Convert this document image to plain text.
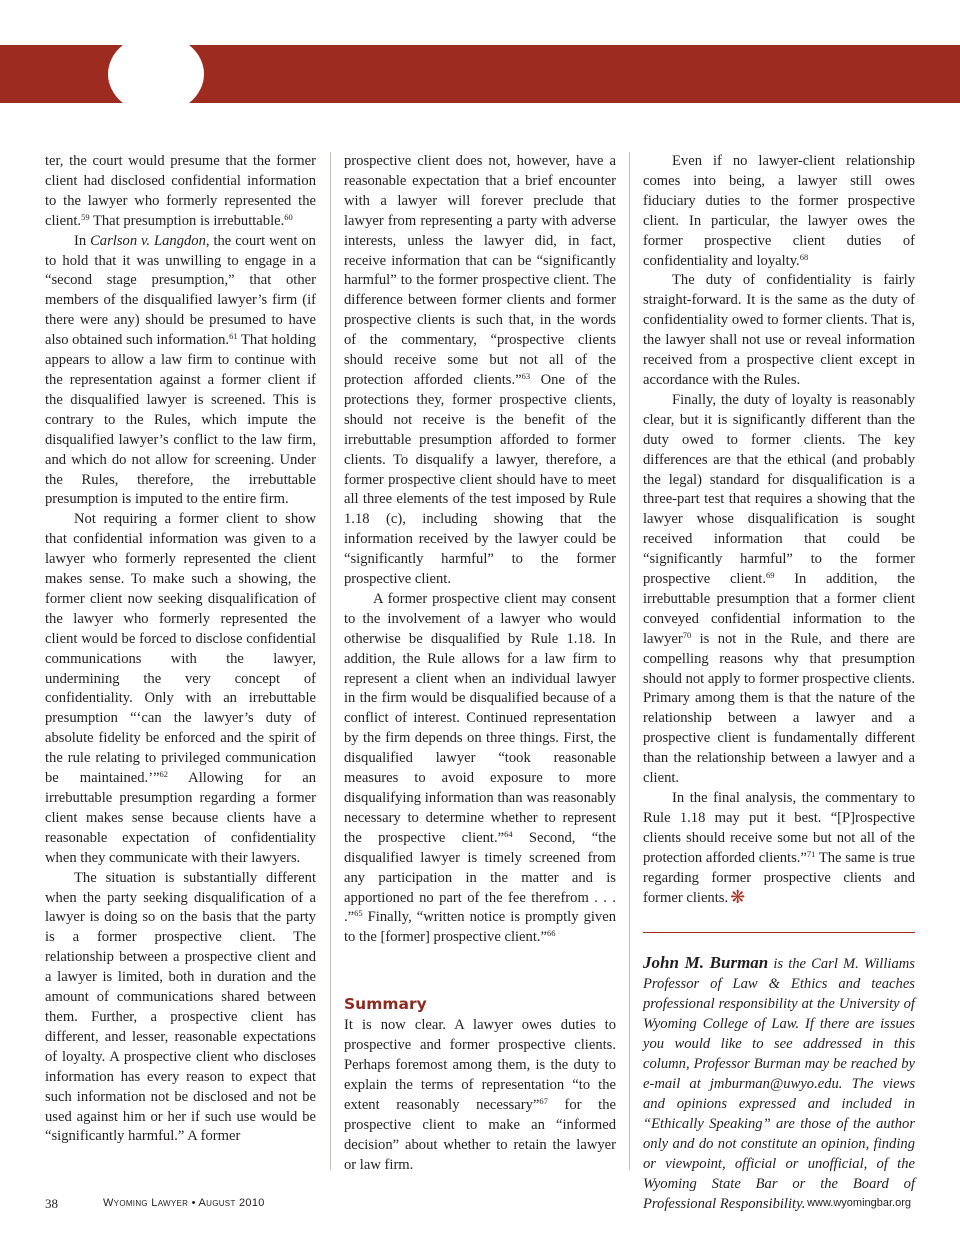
ter, the court would presume that the former client had disclosed confidential information to the lawyer who formerly represented the client.$^{59}$ That presumption is irrebuttable.$^{60}$

In Carlson v. Langdon, the court went on to hold that it was unwilling to engage in a “second stage presumption,” that other members of the disqualified lawyer’s firm (if there were any) should be presumed to have also obtained such information.$^{61}$ That holding appears to allow a law firm to continue with the representation against a former client if the disqualified lawyer is screened. This is contrary to the Rules, which impute the disqualified lawyer’s conflict to the law firm, and which do not allow for screening. Under the Rules, therefore, the irrebuttable presumption is imputed to the entire firm.

Not requiring a former client to show that confidential information was given to a lawyer who formerly represented the client makes sense. To make such a showing, the former client now seeking disqualification of the lawyer who formerly represented the client would be forced to disclose confidential communications with the lawyer, undermining the very concept of confidentiality. Only with an irrebuttable presumption “‘can the lawyer’s duty of absolute fidelity be enforced and the spirit of the rule relating to privileged communication be maintained.’”$^{62}$ Allowing for an irrebuttable presumption regarding a former client makes sense because clients have a reasonable expectation of confidentiality when they communicate with their lawyers.

The situation is substantially different when the party seeking disqualification of a lawyer is doing so on the basis that the party is a former prospective client. The relationship between a prospective client and a lawyer is limited, both in duration and the amount of communications shared between them. Further, a prospective client has different, and lesser, reasonable expectations of loyalty. A prospective client who discloses information has every reason to expect that such information not be disclosed and not be used against him or her if such use would be “significantly harmful.” A former

prospective client does not, however, have a reasonable expectation that a brief encounter with a lawyer will forever preclude that lawyer from representing a party with adverse interests, unless the lawyer did, in fact, receive information that can be “significantly harmful” to the former prospective client. The difference between former clients and former prospective clients is such that, in the words of the commentary, “prospective clients should receive some but not all of the protection afforded clients.”$^{63}$ One of the protections they, former prospective clients, should not receive is the benefit of the irrebuttable presumption afforded to former clients. To disqualify a lawyer, therefore, a former prospective client should have to meet all three elements of the test imposed by Rule 1.18 (c), including showing that the information received by the lawyer could be “significantly harmful” to the former prospective client.

A former prospective client may consent to the involvement of a lawyer who would otherwise be disqualified by Rule 1.18. In addition, the Rule allows for a law firm to represent a client when an individual lawyer in the firm would be disqualified because of a conflict of interest. Continued representation by the firm depends on three things. First, the disqualified lawyer “took reasonable measures to avoid exposure to more disqualifying information than was reasonably necessary to determine whether to represent the prospective client.”$^{64}$ Second, “the disqualified lawyer is timely screened from any participation in the matter and is apportioned no part of the fee therefrom . . . .”$^{65}$ Finally, “written notice is promptly given to the [former] prospective client.”$^{66}$

Summary

It is now clear. A lawyer owes duties to prospective and former prospective clients. Perhaps foremost among them, is the duty to explain the terms of representation “to the extent reasonably necessary”$^{67}$ for the prospective client to make an “informed decision” about whether to retain the lawyer or law firm.

Even if no lawyer-client relationship comes into being, a lawyer still owes fiduciary duties to the former prospective client. In particular, the lawyer owes the former prospective client duties of confidentiality and loyalty.$^{68}$

The duty of confidentiality is fairly straight-forward. It is the same as the duty of confidentiality owed to former clients. That is, the lawyer shall not use or reveal information received from a prospective client except in accordance with the Rules.

Finally, the duty of loyalty is reasonably clear, but it is significantly different than the duty owed to former clients. The key differences are that the ethical (and probably the legal) standard for disqualification is a three-part test that requires a showing that the lawyer whose disqualification is sought received information that could be “significantly harmful” to the former prospective client.$^{69}$ In addition, the irrebuttable presumption that a former client conveyed confidential information to the lawyer$^{70}$ is not in the Rule, and there are compelling reasons why that presumption should not apply to former prospective clients. Primary among them is that the nature of the relationship between a lawyer and a prospective client is fundamentally different than the relationship between a lawyer and a client.

In the final analysis, the commentary to Rule 1.18 may put it best. “[P]rospective clients should receive some but not all of the protection afforded clients.”$^{71}$ The same is true regarding former prospective clients and former clients. ❋

John M. Burman is the Carl M. Williams Professor of Law & Ethics and teaches professional responsibility at the University of Wyoming College of Law. If there are issues you would like to see addressed in this column, Professor Burman may be reached by e-mail at jmburman@uwyo.edu. The views and opinions expressed and included in “Ethically Speaking” are those of the author only and do not constitute an opinion, finding or viewpoint, official or unofficial, of the Wyoming State Bar or the Board of Professional Responsibility.

38	Wyoming Lawyer • August 2010	www.wyomingbar.org
